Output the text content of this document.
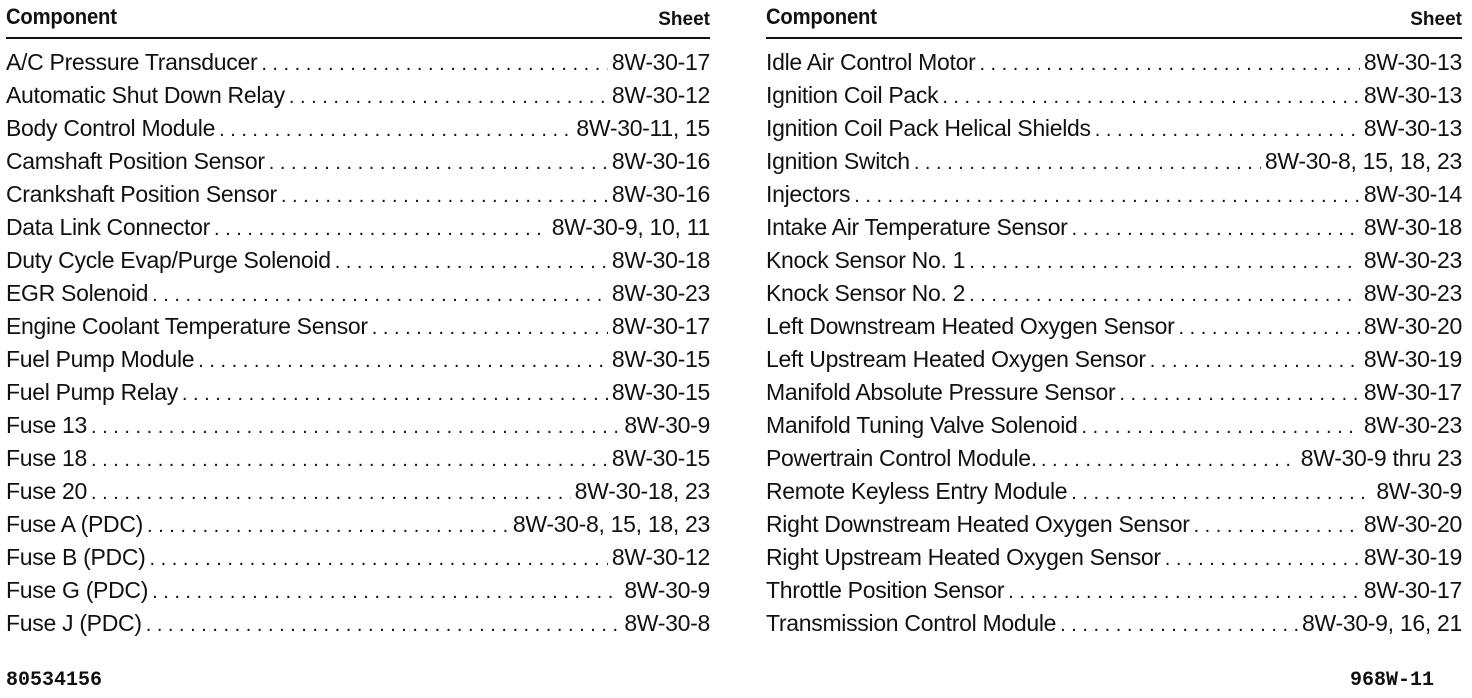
Component	Sheet
A/C Pressure Transducer . . .	8W-30-17
Automatic Shut Down Relay . . .	8W-30-12
Body Control Module . . .	8W-30-11, 15
Camshaft Position Sensor . . .	8W-30-16
Crankshaft Position Sensor . . .	8W-30-16
Data Link Connector . . .	8W-30-9, 10, 11
Duty Cycle Evap/Purge Solenoid . . .	8W-30-18
EGR Solenoid . . .	8W-30-23
Engine Coolant Temperature Sensor . . .	8W-30-17
Fuel Pump Module . . .	8W-30-15
Fuel Pump Relay . . .	8W-30-15
Fuse 13 . . .	8W-30-9
Fuse 18 . . .	8W-30-15
Fuse 20 . . .	8W-30-18, 23
Fuse A (PDC) . . .	8W-30-8, 15, 18, 23
Fuse B (PDC) . . .	8W-30-12
Fuse G (PDC) . . .	8W-30-9
Fuse J (PDC) . . .	8W-30-8
Component	Sheet
Idle Air Control Motor . . .	8W-30-13
Ignition Coil Pack . . .	8W-30-13
Ignition Coil Pack Helical Shields . . .	8W-30-13
Ignition Switch . . .	8W-30-8, 15, 18, 23
Injectors . . .	8W-30-14
Intake Air Temperature Sensor . . .	8W-30-18
Knock Sensor No. 1 . . .	8W-30-23
Knock Sensor No. 2 . . .	8W-30-23
Left Downstream Heated Oxygen Sensor . . .	8W-30-20
Left Upstream Heated Oxygen Sensor . . .	8W-30-19
Manifold Absolute Pressure Sensor . . .	8W-30-17
Manifold Tuning Valve Solenoid . . .	8W-30-23
Powertrain Control Module. . . .	8W-30-9 thru 23
Remote Keyless Entry Module . . .	8W-30-9
Right Downstream Heated Oxygen Sensor . . .	8W-30-20
Right Upstream Heated Oxygen Sensor . . .	8W-30-19
Throttle Position Sensor . . .	8W-30-17
Transmission Control Module . . .	8W-30-9, 16, 21
80534156	968W-11
